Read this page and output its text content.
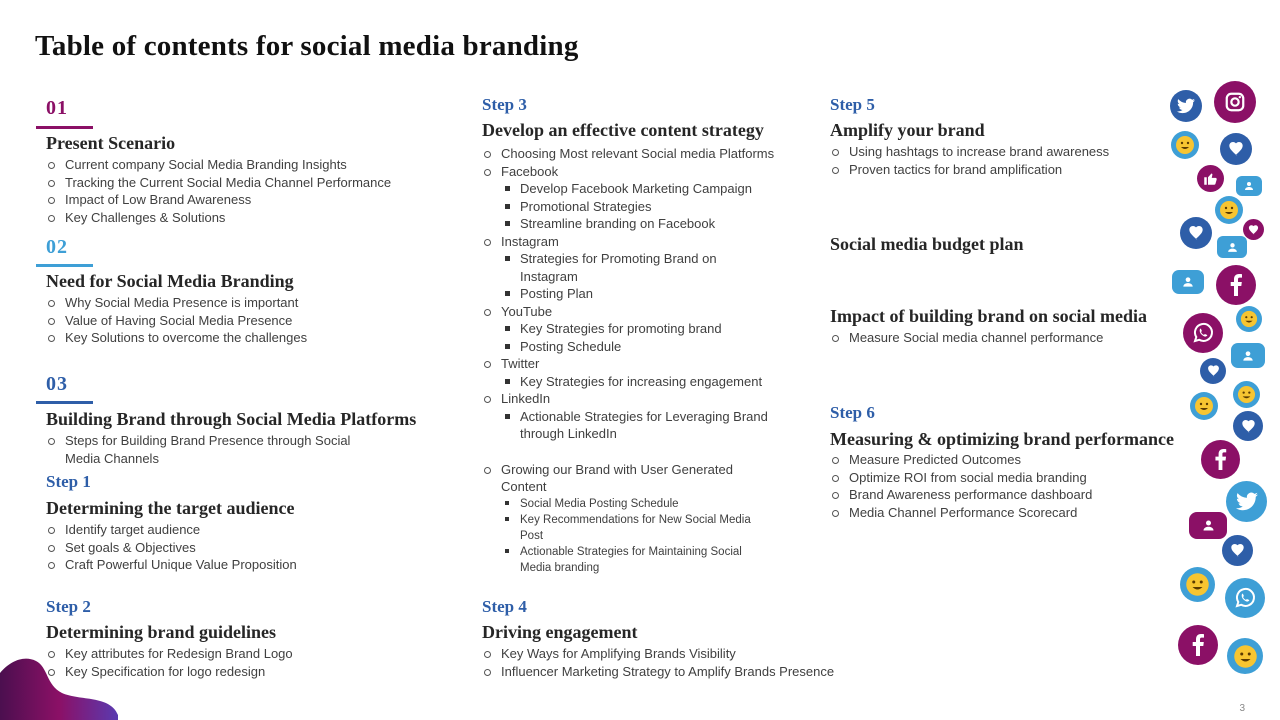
Table of contents for social media branding
01
Present Scenario
Current company Social Media Branding Insights
Tracking the Current Social Media Channel Performance
Impact of Low Brand Awareness
Key Challenges & Solutions
02
Need for Social Media Branding
Why Social Media Presence is important
Value of Having Social Media Presence
Key Solutions to overcome the challenges
03
Building Brand through Social Media Platforms
Steps for Building Brand Presence through Social Media Channels
Step 1
Determining the target audience
Identify target audience
Set goals & Objectives
Craft Powerful Unique Value Proposition
Step 2
Determining brand guidelines
Key attributes for Redesign Brand Logo
Key Specification for logo redesign
Step 3
Develop an effective content strategy
Choosing Most relevant Social media Platforms
Facebook
Develop Facebook Marketing Campaign
Promotional Strategies
Streamline branding on Facebook
Instagram
Strategies for Promoting Brand on Instagram
Posting Plan
YouTube
Key Strategies for promoting brand
Posting Schedule
Twitter
Key Strategies for increasing engagement
LinkedIn
Actionable Strategies for Leveraging Brand through LinkedIn
Growing our Brand with User Generated Content
Social Media Posting Schedule
Key Recommendations for New Social Media Post
Actionable Strategies for Maintaining Social Media branding
Step 4
Driving engagement
Key Ways for Amplifying Brands Visibility
Influencer Marketing Strategy to Amplify Brands Presence
Step 5
Amplify your brand
Using hashtags to increase brand awareness
Proven tactics for brand amplification
Social media budget plan
Impact of building brand on social media
Measure Social media channel performance
Step 6
Measuring & optimizing brand performance
Measure Predicted Outcomes
Optimize ROI from social media branding
Brand Awareness performance dashboard
Media Channel Performance Scorecard
3
